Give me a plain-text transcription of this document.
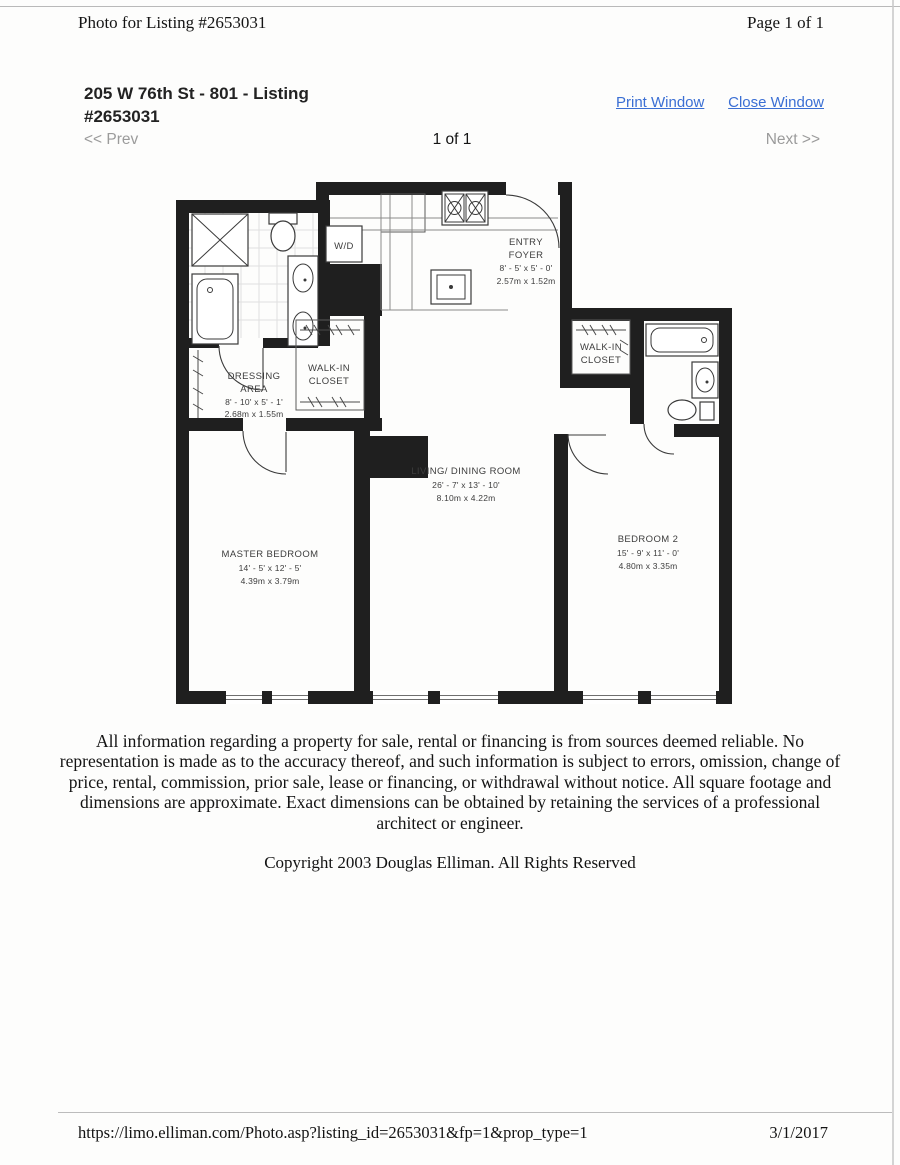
Photo for Listing #2653031	Page 1 of 1
205 W 76th St - 801 - Listing
#2653031
Print Window Close Window
<< Prev	1 of 1	Next >>
W/D	ENTRY
FOYER
8' - 5' x 5' - 0'
2.57m x 1.52m
DRESSING
AREA
8' - 10' x 5' - 1'
2.68m x 1.55m
WALK-IN
CLOSET
WALK-IN
CLOSET
LIVING/ DINING ROOM
26' - 7' x 13' - 10'
8.10m x 4.22m
MASTER BEDROOM
14' - 5' x 12' - 5'
4.39m x 3.79m
BEDROOM 2
15' - 9' x 11' - 0'
4.80m x 3.35m
All information regarding a property for sale, rental or financing is from sources deemed reliable. No representation is made as to the accuracy thereof, and such information is subject to errors, omission, change of price, rental, commission, prior sale, lease or financing, or withdrawal without notice. All square footage and dimensions are approximate. Exact dimensions can be obtained by retaining the services of a professional architect or engineer.
Copyright 2003 Douglas Elliman. All Rights Reserved
https://limo.elliman.com/Photo.asp?listing_id=2653031&fp=1&prop_type=1	3/1/2017
